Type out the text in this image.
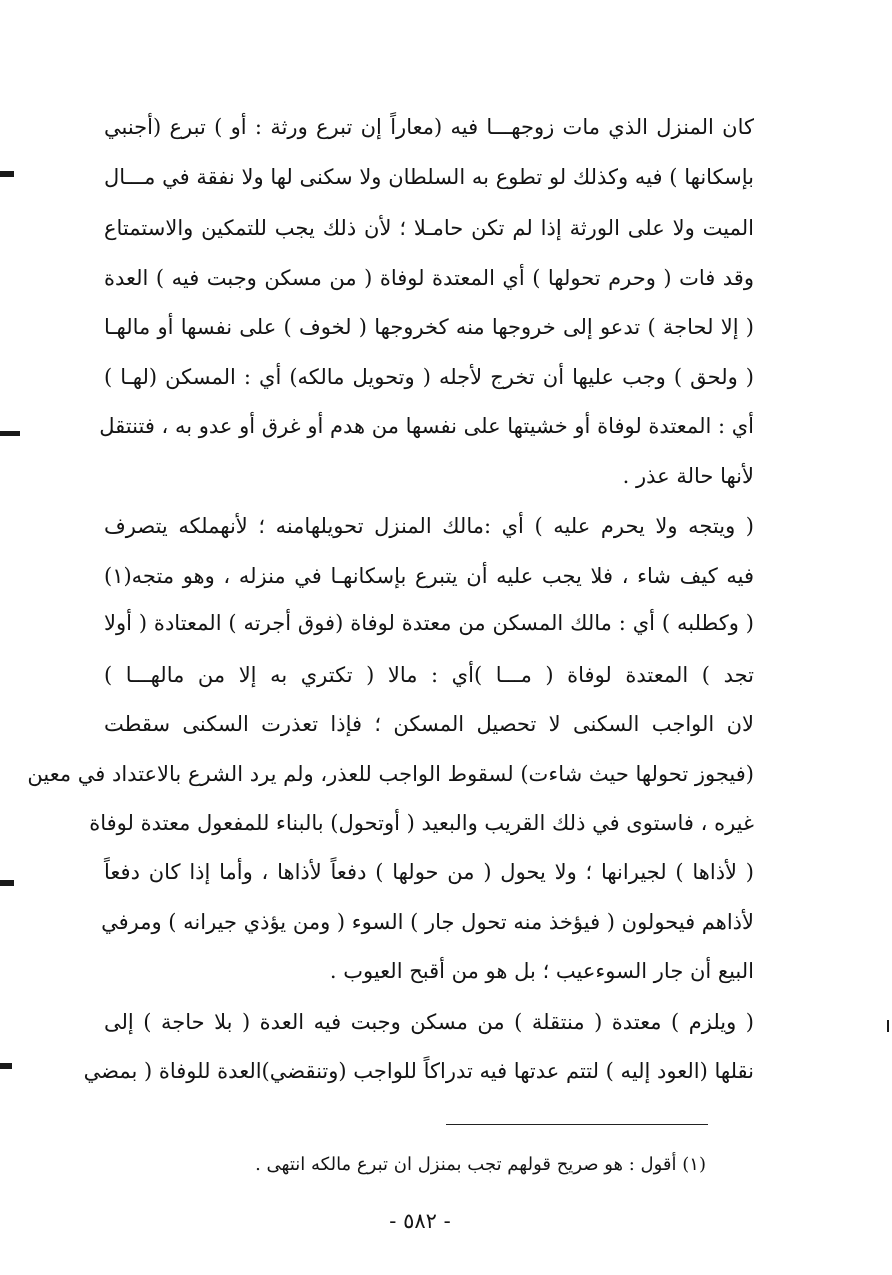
كان المنزل الذي مات زوجهـــا فيه (معاراً إن تبرع ورثة : أو ) تبرع (أجنبي
بإسكانها ) فيه وكذلك لو تطوع به السلطان ولا سكنى لها ولا نفقة في مـــال
الميت ولا على الورثة إذا لم تكن حامـلا ؛ لأن ذلك يجب للتمكين والاستمتاع
وقد فات ( وحرم تحولها ) أي المعتدة لوفاة ( من مسكن وجبت فيه ) العدة
( إلا لحاجة ) تدعو إلى خروجها منه كخروجها ( لخوف ) على نفسها أو مالهـا
( ولحق ) وجب عليها أن تخرج لأجله ( وتحويل مالكه) أي : المسكن (لهـا )
أي : المعتدة لوفاة أو خشيتها على نفسها من هدم أو غرق أو عدو به ، فتنتقل
لأنها حالة عذر .
( ويتجه ولا يحرم عليه ) أي :مالك المنزل تحويلهامنه ؛ لأنهملكه يتصرف
فيه كيف شاء ، فلا يجب عليه أن يتبرع بإسكانهـا في منزله ، وهو متجه(١)
( وكطلبه ) أي : مالك المسكن من معتدة لوفاة (فوق أجرته ) المعتادة ( أولا
تجد ) المعتدة لوفاة ( مـــا )أي : مالا ( تكتري به إلا من مالهـــا )
لان الواجب السكنى لا تحصيل المسكن ؛ فإذا تعذرت السكنى سقطت
(فيجوز تحولها حيث شاءت) لسقوط الواجب للعذر، ولم يرد الشرع بالاعتداد في معين
غيره ، فاستوى في ذلك القريب والبعيد ( أوتحول) بالبناء للمفعول معتدة لوفاة
( لأذاها ) لجيرانها ؛ ولا يحول ( من حولها ) دفعاً لأذاها ، وأما إذا كان دفعاً
لأذاهم فيحولون ( فيؤخذ منه تحول جار ) السوء ( ومن يؤذي جيرانه ) ومرفي
البيع أن جار السوءعيب ؛ بل هو من أقبح العيوب .
( ويلزم ) معتدة ( منتقلة ) من مسكن وجبت فيه العدة ( بلا حاجة ) إلى
نقلها (العود إليه ) لتتم عدتها فيه تدراكاً للواجب (وتنقضي)العدة للوفاة ( بمضي
(١) أقول : هو صريح قولهم تجب بمنزل ان تبرع مالكه انتهى .
- ٥٨٢ -
